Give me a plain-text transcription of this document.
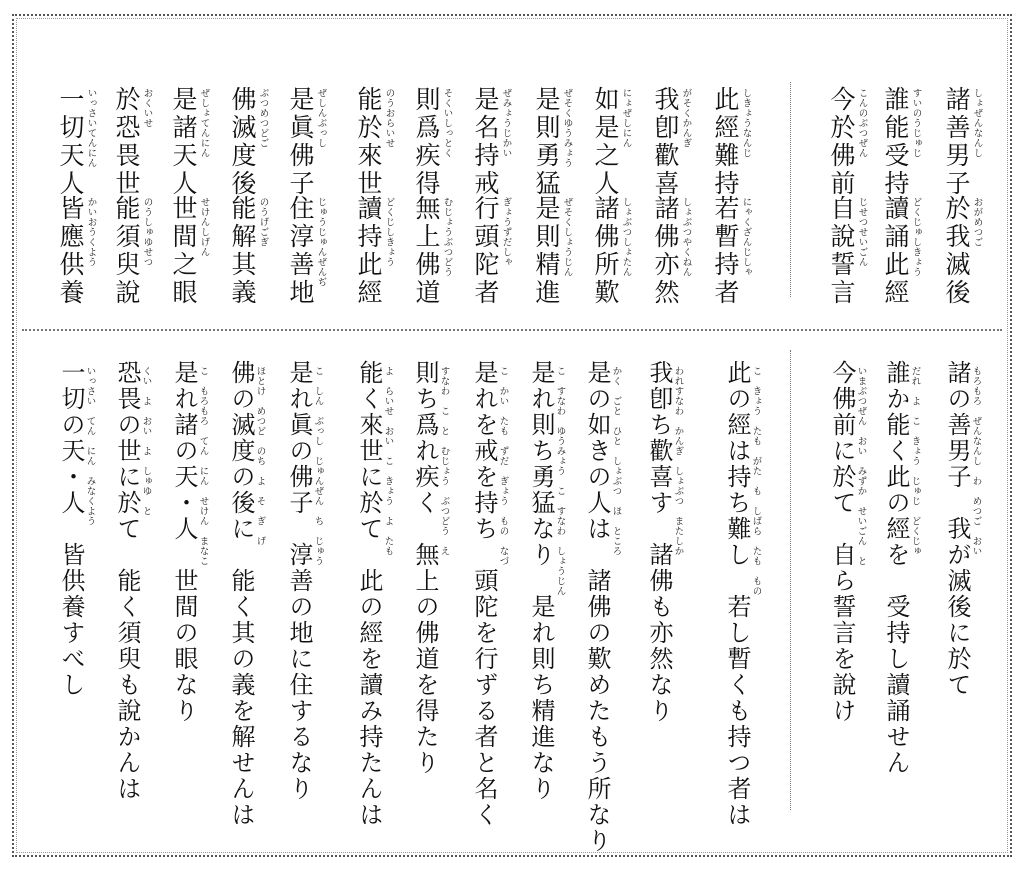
諸善男子 しょぜんなんし
於我滅後 おがめつご
誰能受持 すいのうじゅじ
讀誦此經 どくじゅしきょう
今於佛前 こんのぶつぜん
自說誓言 じせつせいごん
此經難持 しきょうなんじ
若暫持者 にゃくざんじしゃ
我卽歡喜 がそくかんぎ
諸佛亦然 しょぶつやくねん
如是之人 にょぜしにん
諸佛所歎 しょぶつしょたん
是則勇猛 ぜそくゆうみょう
是則精進 ぜそくしょうじん
是名持戒 ぜみょうじかい
行頭陀者 ぎょうずだしゃ
則爲疾得 そくいしっとく
無上佛道 むじょうぶつどう
能於來世 のうおらいせ
讀持此經 どくじしきょう
是眞佛子 ぜしんぶっし
住淳善地 じゅうじゅんぜんぢ
佛滅度後 ぶつめつどご
能解其義 のうげごぎ
是諸天人 ぜしょてんにん
世間之眼 せけんしげん
於恐畏世 おくいせ
能須臾說 のうしゅゆせつ
一切天人 いっさいてんにん
皆應供養 かいおうくよう
諸の善男子　我が滅後に於て もろもろ　ぜんなんし　わ　めつご　おい
誰か能く此の經を　受持し讀誦せん だれ　よ　こ　きょう　じゅじ　どくじゅ
今佛前に於て　自ら誓言を說け いまぶつぜん　おい　みずか　せいごん　と
此の經は持ち難し　若し暫くも持つ者は こ　きょう　たも　がた　も　しばら　たも　もの
我卽ち歡喜す　諸佛も亦然なり われすなわ　かんぎ　しょぶつ　またしか
是の如きの人は　諸佛の歎めたもう所なり かく　ごと　ひと　しょぶつ　ほ　ところ
是れ則ち勇猛なり　是れ則ち精進なり こ　すなわ　ゆうみょう　こ　すなわ　しょうじん
是れを戒を持ち　頭陀を行ずる者と名く こ　かい　たも　ずだ　ぎょう　もの　なづ
則ち爲れ疾く　無上の佛道を得たり すなわ　こ　と　むじょう　ぶつどう　え
能く來世に於て　此の經を讀み持たんは よ　らいせ　おい　こ　きょう　よ　たも
是れ眞の佛子　淳善の地に住するなり こ　しん　ぶっし　じゅんぜん　ち　じゅう
佛の滅度の後に　能く其の義を解せんは ほとけ　めつど　のち　よ　そ　ぎ　げ
是れ諸の天・人　世間の眼なり こ　もろもろ　てん　にん　せけん　まなこ
恐畏の世に於て　能く須臾も說かんは くい　よ　おい　よ　しゅゆ　と
一切の天・人　皆供養すべし いっさい　てん　にん　みなくよう
